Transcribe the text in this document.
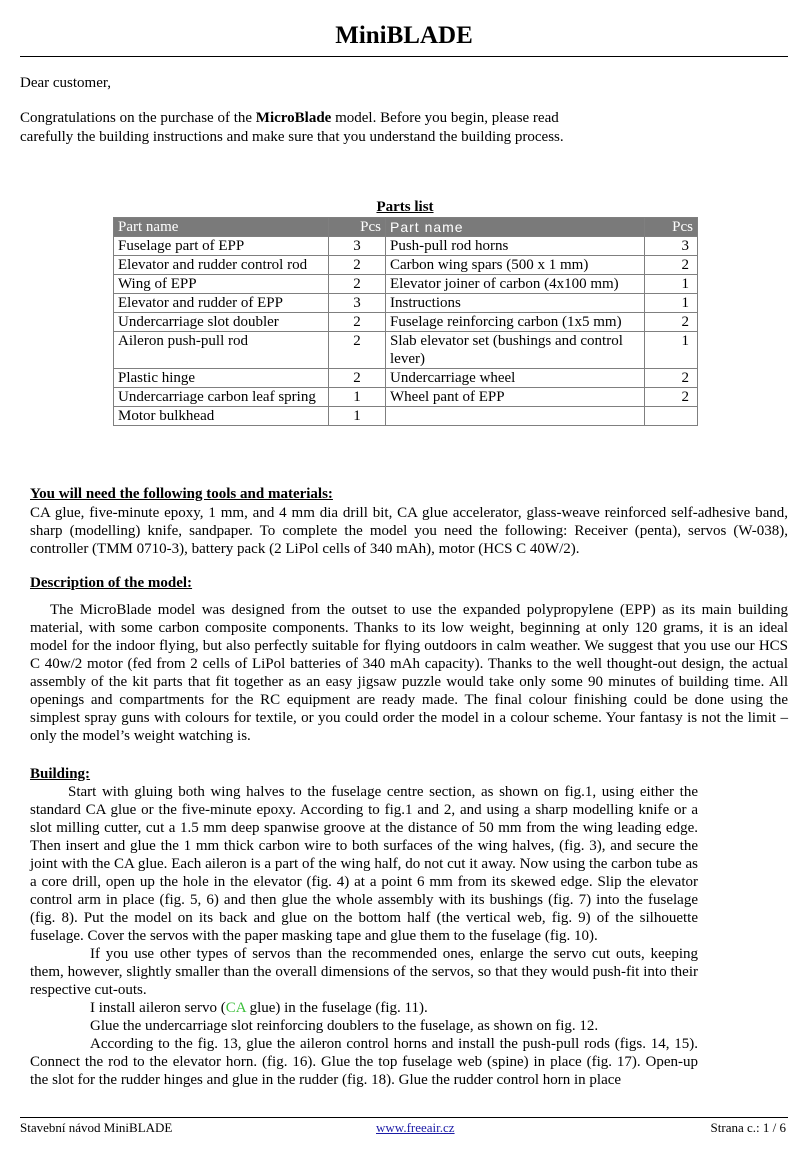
MiniBLADE

Dear customer,

Congratulations on the purchase of the MicroBlade model. Before you begin, please read carefully the building instructions and make sure that you understand the building process.

Parts list

Part name	Pcs	Part name	Pcs
Fuselage part of EPP	3	Push-pull rod horns	3
Elevator and rudder control rod	2	Carbon wing spars (500 x 1 mm)	2
Wing of EPP	2	Elevator joiner of carbon (4x100 mm)	1
Elevator and rudder of EPP	3	Instructions	1
Undercarriage slot doubler	2	Fuselage reinforcing carbon (1x5 mm)	2
Aileron push-pull rod	2	Slab elevator set (bushings and control lever)	1
Plastic hinge	2	Undercarriage wheel	2
Undercarriage carbon leaf spring	1	Wheel pant of EPP	2
Motor bulkhead	1		

You will need the following tools and materials:

CA glue, five-minute epoxy, 1 mm, and 4 mm dia drill bit, CA glue accelerator, glass-weave reinforced self-adhesive band, sharp (modelling) knife, sandpaper. To complete the model you need the following: Receiver (penta), servos (W-038), controller (TMM 0710-3), battery pack (2 LiPol cells of 340 mAh), motor (HCS C 40W/2).

Description of the model:

The MicroBlade model was designed from the outset to use the expanded polypropylene (EPP) as its main building material, with some carbon composite components. Thanks to its low weight, beginning at only 120 grams, it is an ideal model for the indoor flying, but also perfectly suitable for flying outdoors in calm weather. We suggest that you use our HCS C 40w/2 motor (fed from 2 cells of LiPol batteries of 340 mAh capacity). Thanks to the well thought-out design, the actual assembly of the kit parts that fit together as an easy jigsaw puzzle would take only some 90 minutes of building time. All openings and compartments for the RC equipment are ready made. The final colour finishing could be done using the simplest spray guns with colours for textile, or you could order the model in a colour scheme. Your fantasy is not the limit – only the model’s weight watching is.

Building:

Start with gluing both wing halves to the fuselage centre section, as shown on fig.1, using either the standard CA glue or the five-minute epoxy. According to fig.1 and 2, and using a sharp modelling knife or a slot milling cutter, cut a 1.5 mm deep spanwise groove at the distance of 50 mm from the wing leading edge. Then insert and glue the 1 mm thick carbon wire to both surfaces of the wing halves, (fig. 3), and secure the joint with the CA glue. Each aileron is a part of the wing half, do not cut it away. Now using the carbon tube as a core drill, open up the hole in the elevator (fig. 4) at a point 6 mm from its skewed edge. Slip the elevator control arm in place (fig. 5, 6) and then glue the whole assembly with its bushings (fig. 7) into the fuselage (fig. 8). Put the model on its back and glue on the bottom half (the vertical web, fig. 9) of the silhouette fuselage. Cover the servos with the paper masking tape and glue them to the fuselage (fig. 10).

If you use other types of servos than the recommended ones, enlarge the servo cut outs, keeping them, however, slightly smaller than the overall dimensions of the servos, so that they would push-fit into their respective cut-outs.

I install aileron servo (CA glue) in the fuselage (fig. 11).

Glue the undercarriage slot reinforcing doublers to the fuselage, as shown on fig. 12.

According to the fig. 13, glue the aileron control horns and install the push-pull rods (figs. 14, 15). Connect the rod to the elevator horn. (fig. 16). Glue the top fuselage web (spine) in place (fig. 17). Open-up the slot for the rudder hinges and glue in the rudder (fig. 18). Glue the rudder control horn in place

Stavební návod MiniBLADE	www.freeair.cz	Strana c.: 1 / 6
